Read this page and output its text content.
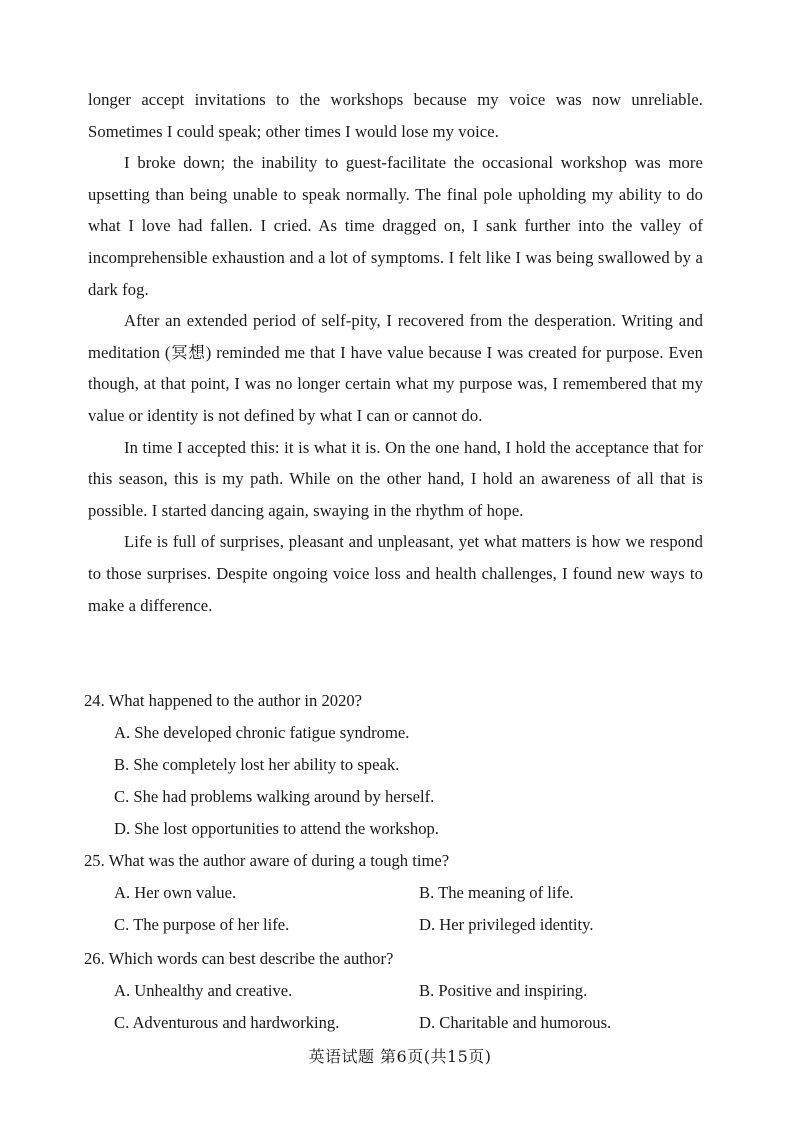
longer accept invitations to the workshops because my voice was now unreliable. Sometimes I could speak; other times I would lose my voice.

I broke down; the inability to guest-facilitate the occasional workshop was more upsetting than being unable to speak normally. The final pole upholding my ability to do what I love had fallen. I cried. As time dragged on, I sank further into the valley of incomprehensible exhaustion and a lot of symptoms. I felt like I was being swallowed by a dark fog.

After an extended period of self-pity, I recovered from the desperation. Writing and meditation (冥想) reminded me that I have value because I was created for purpose. Even though, at that point, I was no longer certain what my purpose was, I remembered that my value or identity is not defined by what I can or cannot do.

In time I accepted this: it is what it is. On the one hand, I hold the acceptance that for this season, this is my path. While on the other hand, I hold an awareness of all that is possible. I started dancing again, swaying in the rhythm of hope.

Life is full of surprises, pleasant and unpleasant, yet what matters is how we respond to those surprises. Despite ongoing voice loss and health challenges, I found new ways to make a difference.

24. What happened to the author in 2020?
A. She developed chronic fatigue syndrome.
B. She completely lost her ability to speak.
C. She had problems walking around by herself.
D. She lost opportunities to attend the workshop.
25. What was the author aware of during a tough time?
A. Her own value.	B. The meaning of life.
C. The purpose of her life.	D. Her privileged identity.
26. Which words can best describe the author?
A. Unhealthy and creative.	B. Positive and inspiring.
C. Adventurous and hardworking.	D. Charitable and humorous.
英语试题 第6页(共15页)
